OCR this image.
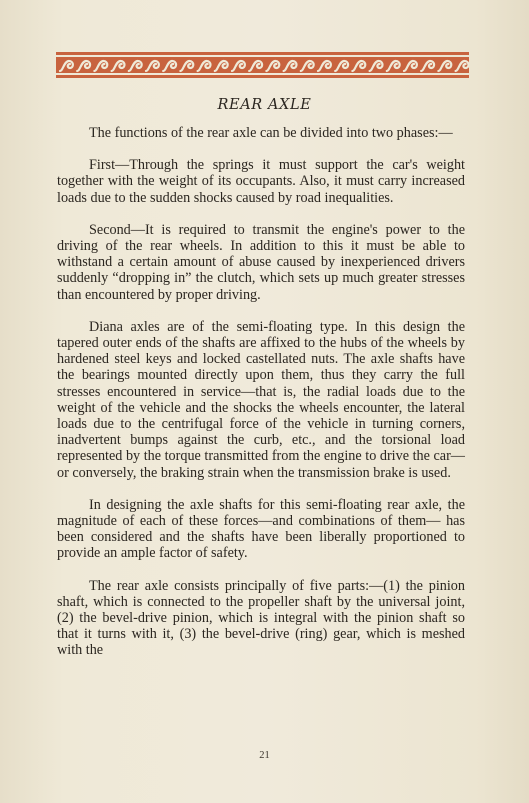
REAR AXLE

The functions of the rear axle can be divided into two phases:—

First—Through the springs it must support the car's weight together with the weight of its occupants. Also, it must carry increased loads due to the sudden shocks caused by road inequalities.

Second—It is required to transmit the engine's power to the driving of the rear wheels. In addition to this it must be able to withstand a certain amount of abuse caused by inexperienced drivers suddenly “dropping in” the clutch, which sets up much greater stresses than encountered by proper driving.

Diana axles are of the semi-floating type. In this design the tapered outer ends of the shafts are affixed to the hubs of the wheels by hardened steel keys and locked castellated nuts. The axle shafts have the bearings mounted directly upon them, thus they carry the full stresses encountered in service—that is, the radial loads due to the weight of the vehicle and the shocks the wheels encounter, the lateral loads due to the centrifugal force of the vehicle in turning corners, inadvertent bumps against the curb, etc., and the torsional load represented by the torque transmitted from the engine to drive the car—or conversely, the braking strain when the transmission brake is used.

In designing the axle shafts for this semi-floating rear axle, the magnitude of each of these forces—and combinations of them— has been considered and the shafts have been liberally proportioned to provide an ample factor of safety.

The rear axle consists principally of five parts:—(1) the pinion shaft, which is connected to the propeller shaft by the universal joint, (2) the bevel-drive pinion, which is integral with the pinion shaft so that it turns with it, (3) the bevel-drive (ring) gear, which is meshed with the

21
